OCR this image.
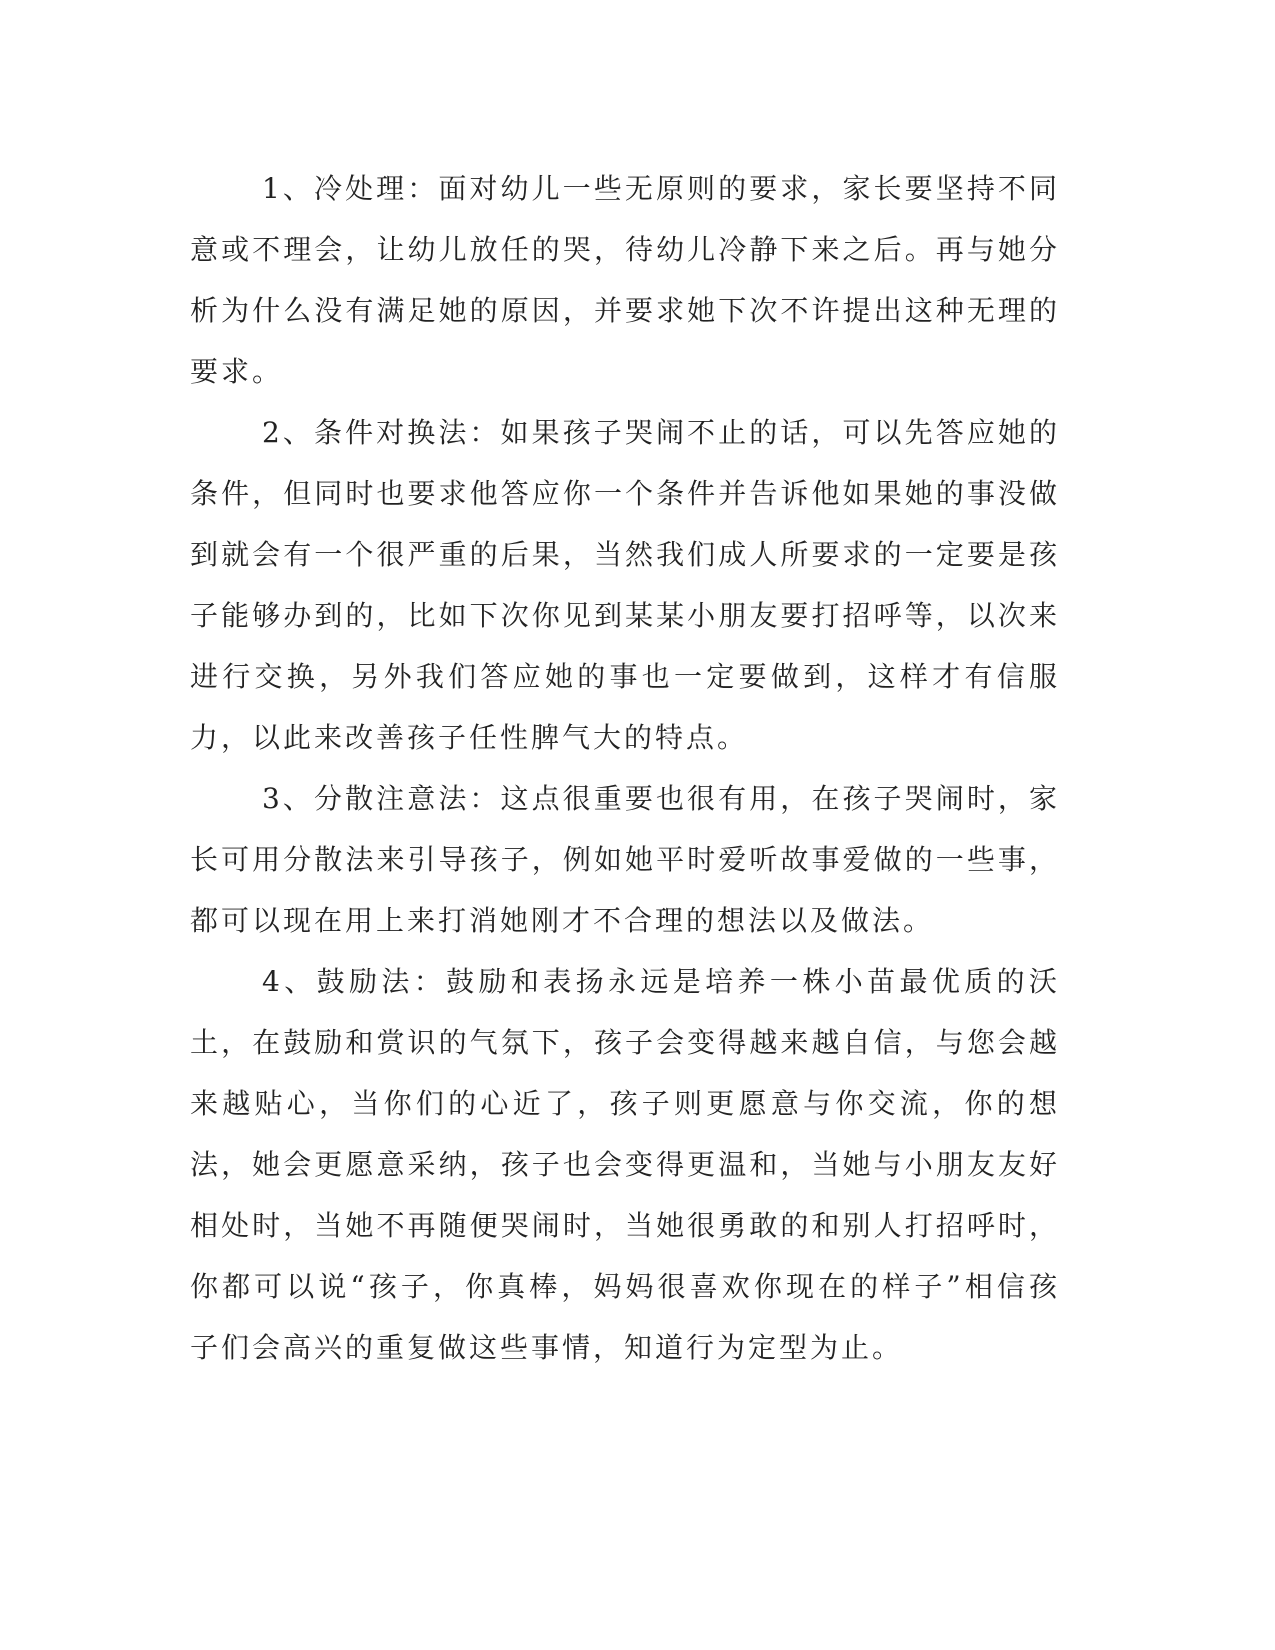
1、冷处理：面对幼儿一些无原则的要求，家长要坚持不同意或不理会，让幼儿放任的哭，待幼儿冷静下来之后。再与她分析为什么没有满足她的原因，并要求她下次不许提出这种无理的要求。

2、条件对换法：如果孩子哭闹不止的话，可以先答应她的条件，但同时也要求他答应你一个条件并告诉他如果她的事没做到就会有一个很严重的后果，当然我们成人所要求的一定要是孩子能够办到的，比如下次你见到某某小朋友要打招呼等，以次来进行交换，另外我们答应她的事也一定要做到，这样才有信服力，以此来改善孩子任性脾气大的特点。

3、分散注意法：这点很重要也很有用，在孩子哭闹时，家长可用分散法来引导孩子，例如她平时爱听故事爱做的一些事，都可以现在用上来打消她刚才不合理的想法以及做法。

4、鼓励法：鼓励和表扬永远是培养一株小苗最优质的沃土，在鼓励和赏识的气氛下，孩子会变得越来越自信，与您会越来越贴心，当你们的心近了，孩子则更愿意与你交流，你的想法，她会更愿意采纳，孩子也会变得更温和，当她与小朋友友好相处时，当她不再随便哭闹时，当她很勇敢的和别人打招呼时，你都可以说“孩子，你真棒，妈妈很喜欢你现在的样子”相信孩子们会高兴的重复做这些事情，知道行为定型为止。
